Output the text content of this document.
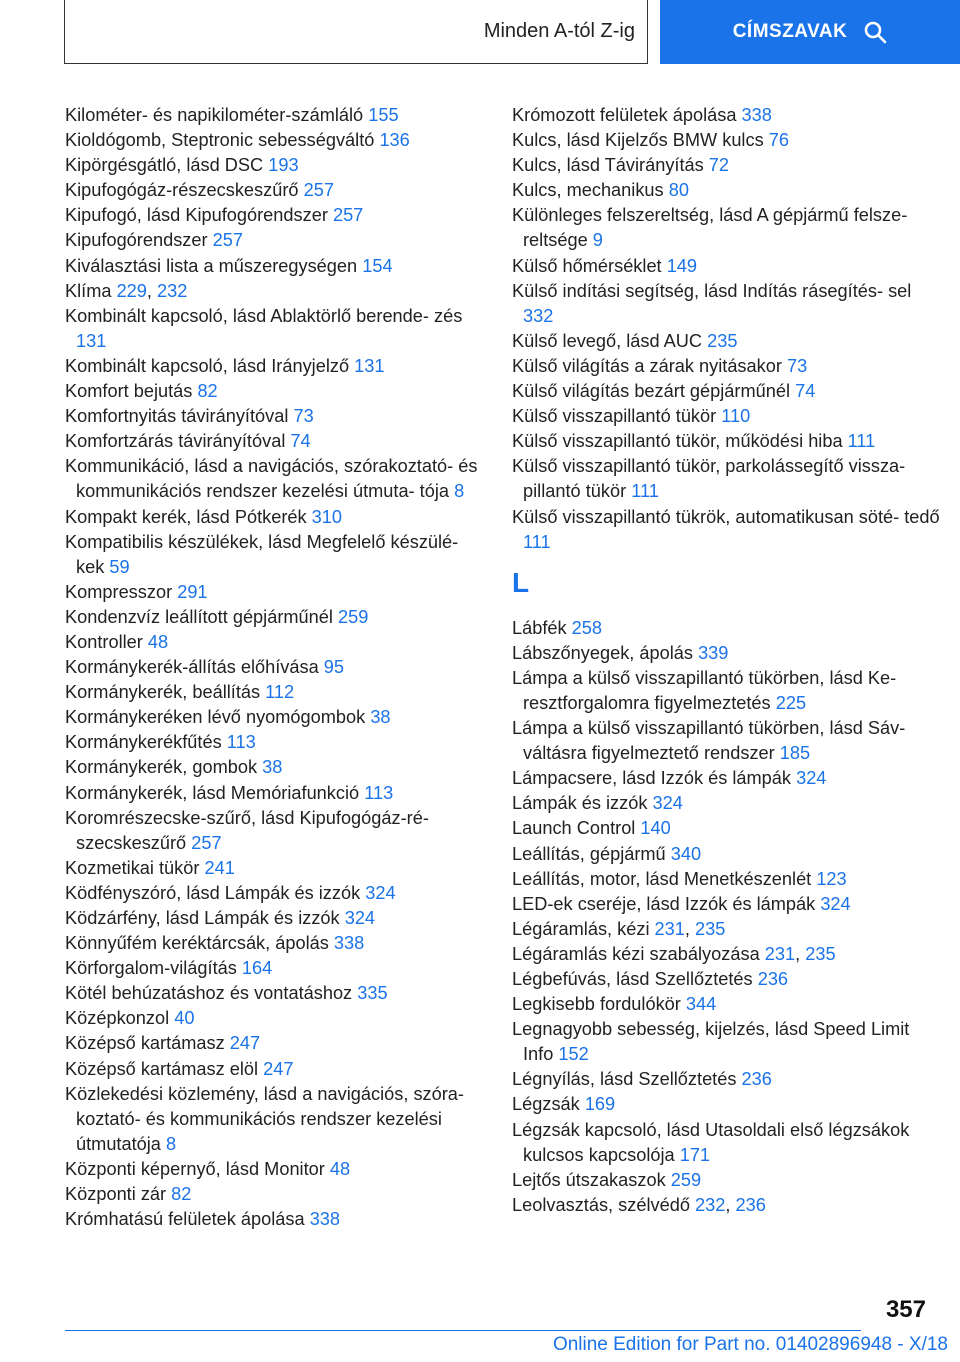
Minden A-tól Z-ig	CÍMSZAVAK
Kilométer- és napikilométer-számláló 155
Kioldógomb, Steptronic sebességváltó 136
Kipörgésgátló, lásd DSC 193
Kipufogógáz-részecskeszűrő 257
Kipufogó, lásd Kipufogórendszer 257
Kipufogórendszer 257
Kiválasztási lista a műszeregységen 154
Klíma 229, 232
Kombinált kapcsoló, lásd Ablaktörlő berende- zés 131
Kombinált kapcsoló, lásd Irányjelző 131
Komfort bejutás 82
Komfortnyitás távirányítóval 73
Komfortzárás távirányítóval 74
Kommunikáció, lásd a navigációs, szórakoztató- és kommunikációs rendszer kezelési útmuta- tója 8
Kompakt kerék, lásd Pótkerék 310
Kompatibilis készülékek, lásd Megfelelő készülé- kek 59
Kompresszor 291
Kondenzvíz leállított gépjárműnél 259
Kontroller 48
Kormánykerék-állítás előhívása 95
Kormánykerék, beállítás 112
Kormánykeréken lévő nyomógombok 38
Kormánykerékfűtés 113
Kormánykerék, gombok 38
Kormánykerék, lásd Memóriafunkció 113
Koromrészecske-szűrő, lásd Kipufogógáz-ré- szecskeszűrő 257
Kozmetikai tükör 241
Ködfényszóró, lásd Lámpák és izzók 324
Ködzárfény, lásd Lámpák és izzók 324
Könnyűfém keréktárcsák, ápolás 338
Körforgalom-világítás 164
Kötél behúzatáshoz és vontatáshoz 335
Középkonzol 40
Középső kartámasz 247
Középső kartámasz elöl 247
Közlekedési közlemény, lásd a navigációs, szóra- koztató- és kommunikációs rendszer kezelési útmutatója 8
Központi képernyő, lásd Monitor 48
Központi zár 82
Krómhatású felületek ápolása 338
Krómozott felületek ápolása 338
Kulcs, lásd Kijelzős BMW kulcs 76
Kulcs, lásd Távirányítás 72
Kulcs, mechanikus 80
Különleges felszereltség, lásd A gépjármű felsze- reltsége 9
Külső hőmérséklet 149
Külső indítási segítség, lásd Indítás rásegítés- sel 332
Külső levegő, lásd AUC 235
Külső világítás a zárak nyitásakor 73
Külső világítás bezárt gépjárműnél 74
Külső visszapillantó tükör 110
Külső visszapillantó tükör, működési hiba 111
Külső visszapillantó tükör, parkolássegítő vissza- pillantó tükör 111
Külső visszapillantó tükrök, automatikusan söté- tedő 111
L
Lábfék 258
Lábszőnyegek, ápolás 339
Lámpa a külső visszapillantó tükörben, lásd Ke- resztforgalomra figyelmeztetés 225
Lámpa a külső visszapillantó tükörben, lásd Sáv- váltásra figyelmeztető rendszer 185
Lámpacsere, lásd Izzók és lámpák 324
Lámpák és izzók 324
Launch Control 140
Leállítás, gépjármű 340
Leállítás, motor, lásd Menetkészenlét 123
LED-ek cseréje, lásd Izzók és lámpák 324
Légáramlás, kézi 231, 235
Légáramlás kézi szabályozása 231, 235
Légbefúvás, lásd Szellőztetés 236
Legkisebb fordulókör 344
Legnagyobb sebesség, kijelzés, lásd Speed Limit Info 152
Légnyílás, lásd Szellőztetés 236
Légzsák 169
Légzsák kapcsoló, lásd Utasoldali első légzsákok kulcsos kapcsolója 171
Lejtős útszakaszok 259
Leolvasztás, szélvédő 232, 236
357
Online Edition for Part no. 01402896948 - X/18
